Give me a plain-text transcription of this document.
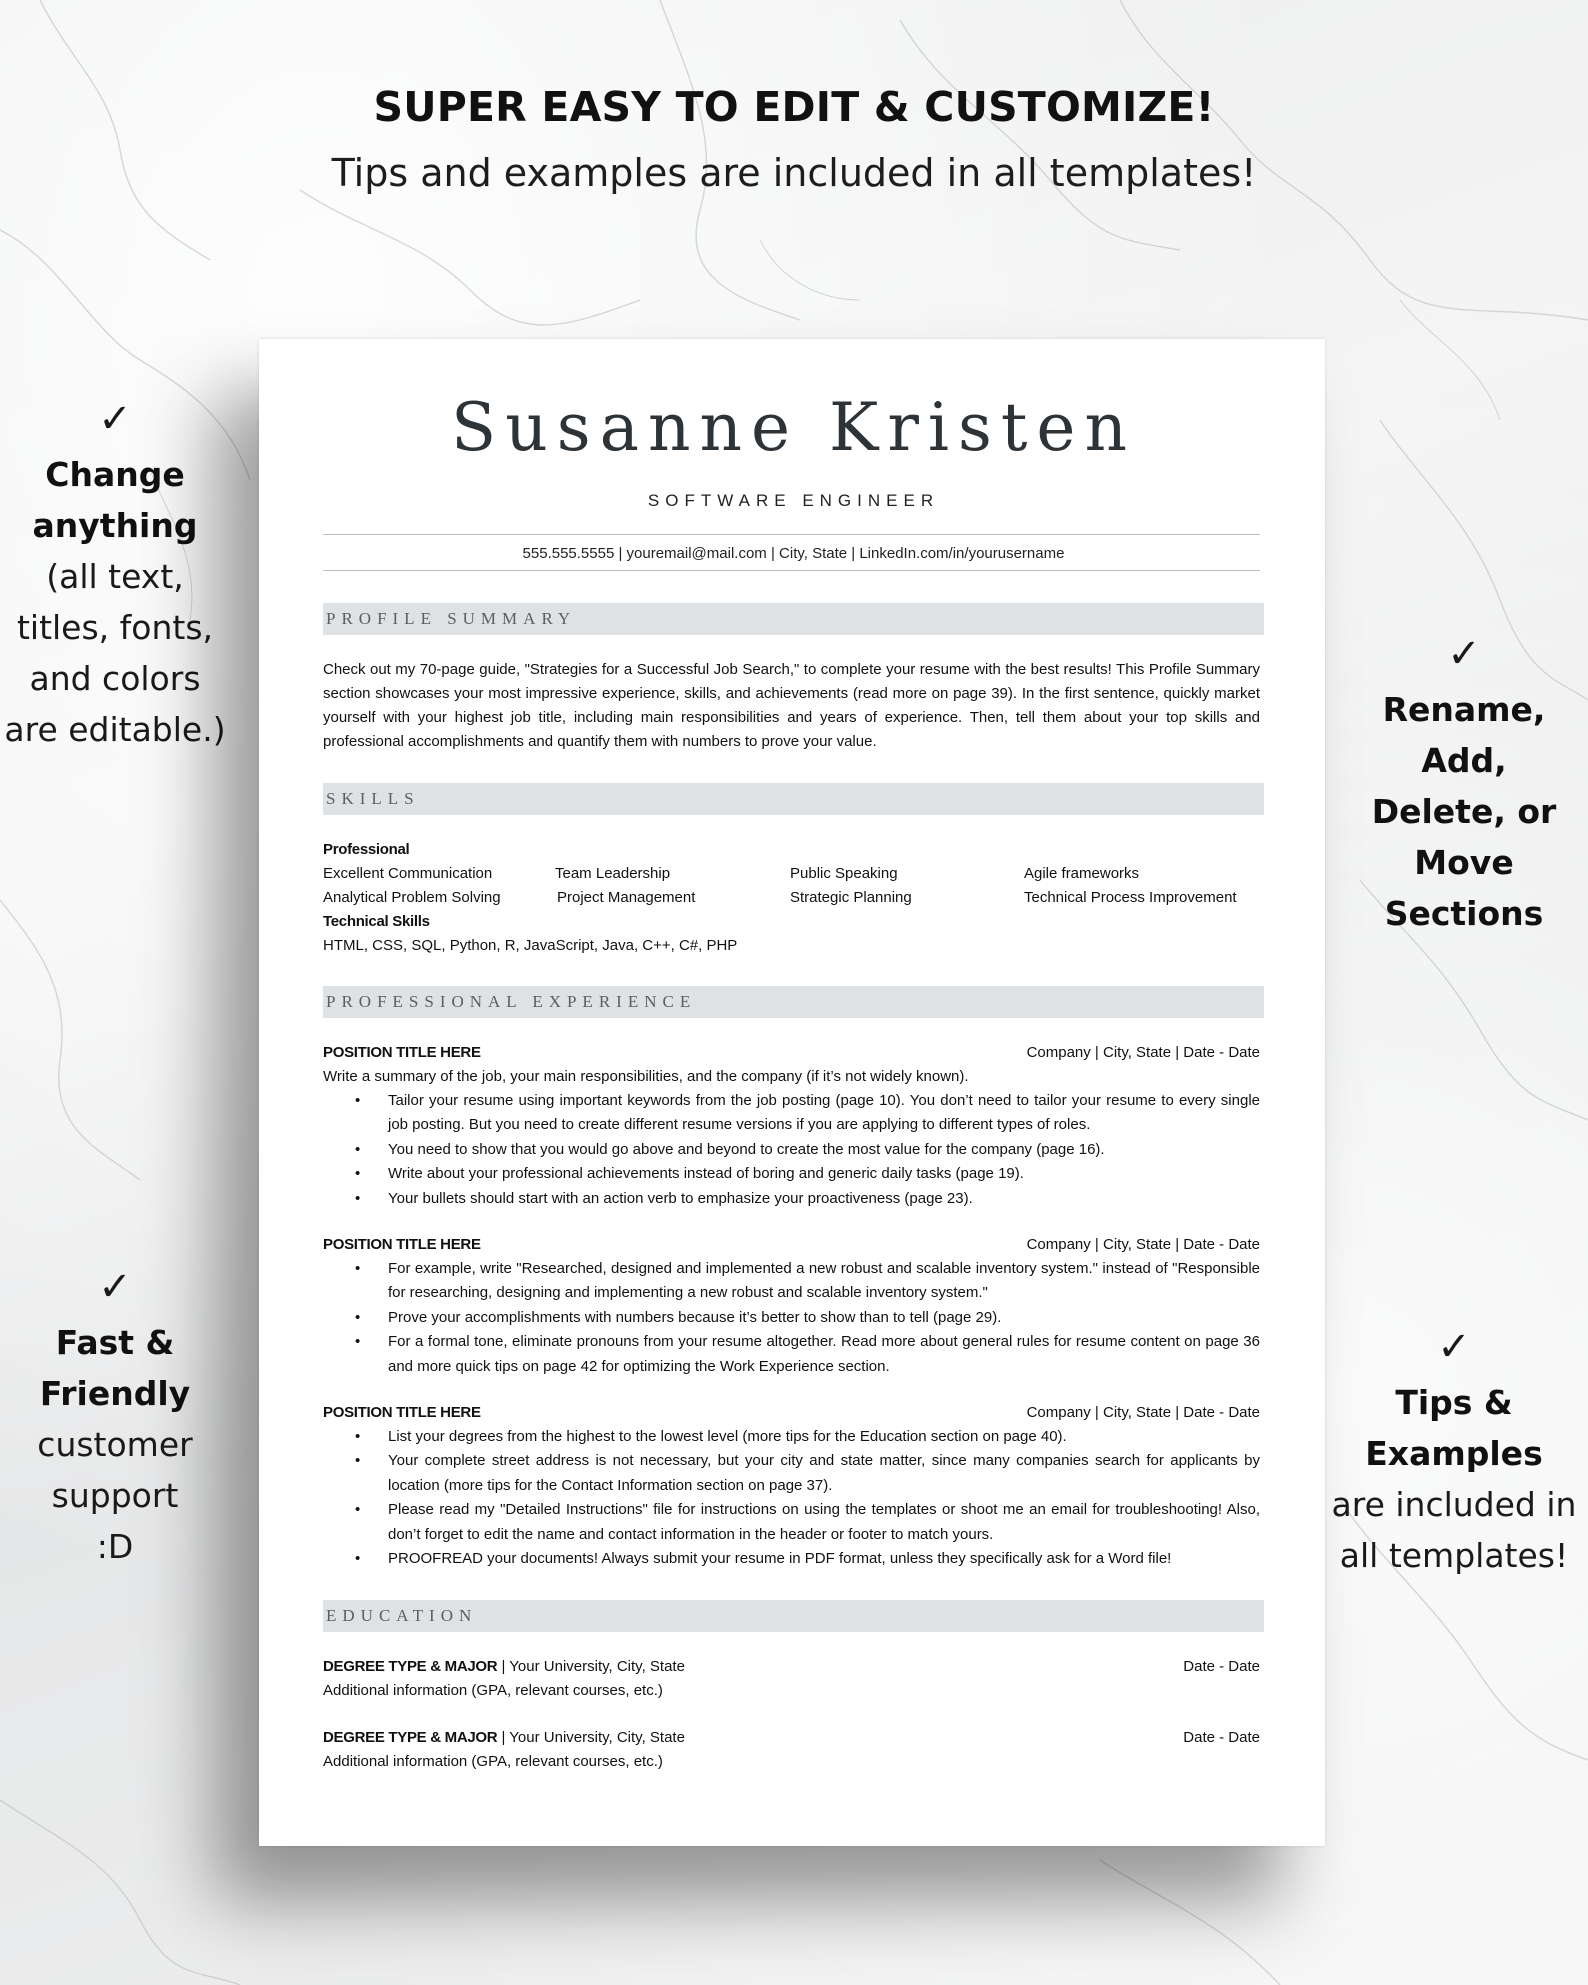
SUPER EASY TO EDIT & CUSTOMIZE!
Tips and examples are included in all templates!
✓
Change
anything
(all text,
titles, fonts,
and colors
are editable.)
✓
Fast &
Friendly
customer
support
:D
✓
Rename,
Add,
Delete, or
Move
Sections
✓
Tips &
Examples
are included in
all templates!
Susanne Kristen
SOFTWARE ENGINEER
555.555.5555 | youremail@mail.com | City, State | LinkedIn.com/in/yourusername
PROFILE SUMMARY
Check out my 70-page guide, "Strategies for a Successful Job Search," to complete your resume with the best results! This Profile Summary section showcases your most impressive experience, skills, and achievements (read more on page 39). In the first sentence, quickly market yourself with your highest job title, including main responsibilities and years of experience. Then, tell them about your top skills and professional accomplishments and quantify them with numbers to prove your value.
SKILLS
Professional
Excellent Communication	Team Leadership	Public Speaking	Agile frameworks
Analytical Problem Solving	Project Management	Strategic Planning	Technical Process Improvement
Technical Skills
HTML, CSS, SQL, Python, R, JavaScript, Java, C++, C#, PHP
PROFESSIONAL EXPERIENCE
POSITION TITLE HERE	Company | City, State | Date - Date
Write a summary of the job, your main responsibilities, and the company (if it’s not widely known).
• Tailor your resume using important keywords from the job posting (page 10). You don’t need to tailor your resume to every single job posting. But you need to create different resume versions if you are applying to different types of roles.
• You need to show that you would go above and beyond to create the most value for the company (page 16).
• Write about your professional achievements instead of boring and generic daily tasks (page 19).
• Your bullets should start with an action verb to emphasize your proactiveness (page 23).
POSITION TITLE HERE	Company | City, State | Date - Date
• For example, write "Researched, designed and implemented a new robust and scalable inventory system." instead of "Responsible for researching, designing and implementing a new robust and scalable inventory system."
• Prove your accomplishments with numbers because it’s better to show than to tell (page 29).
• For a formal tone, eliminate pronouns from your resume altogether. Read more about general rules for resume content on page 36 and more quick tips on page 42 for optimizing the Work Experience section.
POSITION TITLE HERE	Company | City, State | Date - Date
• List your degrees from the highest to the lowest level (more tips for the Education section on page 40).
• Your complete street address is not necessary, but your city and state matter, since many companies search for applicants by location (more tips for the Contact Information section on page 37).
• Please read my "Detailed Instructions" file for instructions on using the templates or shoot me an email for troubleshooting! Also, don’t forget to edit the name and contact information in the header or footer to match yours.
• PROOFREAD your documents! Always submit your resume in PDF format, unless they specifically ask for a Word file!
EDUCATION
DEGREE TYPE & MAJOR | Your University, City, State	Date - Date
Additional information (GPA, relevant courses, etc.)
DEGREE TYPE & MAJOR | Your University, City, State	Date - Date
Additional information (GPA, relevant courses, etc.)
